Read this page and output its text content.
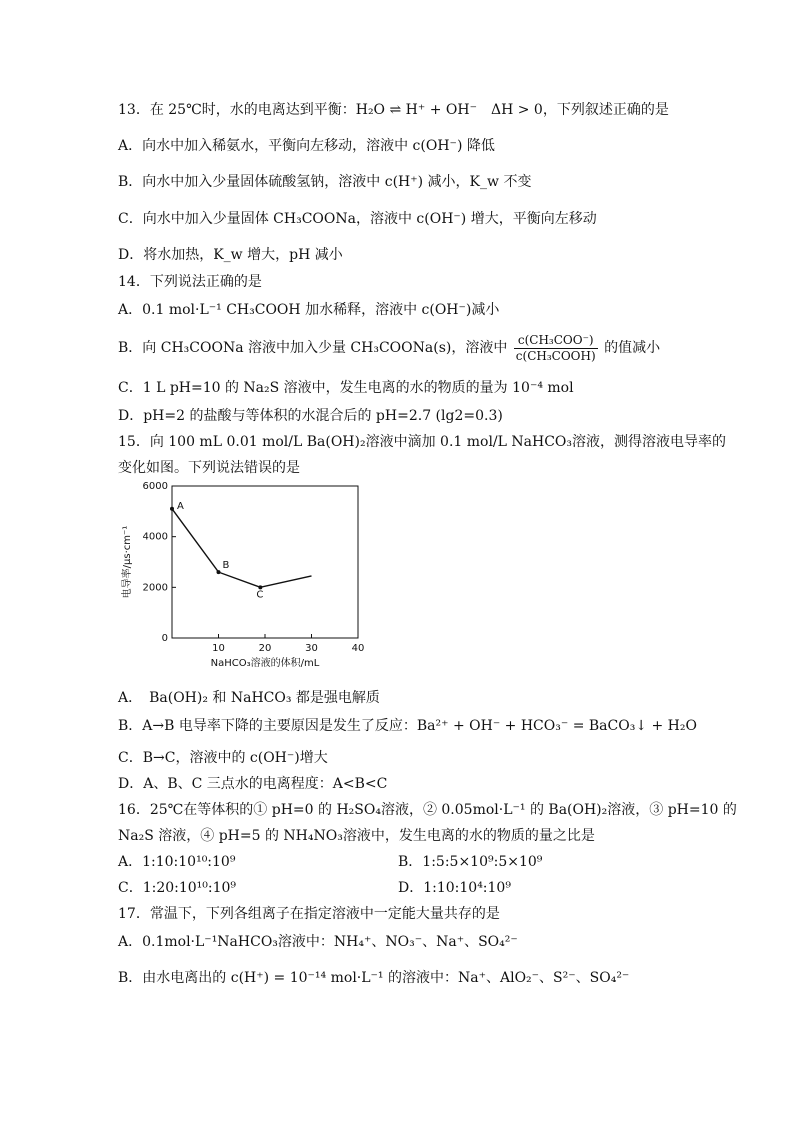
13．在 25℃时，水的电离达到平衡：H₂O ⇌ H⁺ + OH⁻　ΔH > 0，下列叙述正确的是
A．向水中加入稀氨水，平衡向左移动，溶液中 c(OH⁻) 降低
B．向水中加入少量固体硫酸氢钠，溶液中 c(H⁺) 减小，K_w 不变
C．向水中加入少量固体 CH₃COONa，溶液中 c(OH⁻) 增大，平衡向左移动
D．将水加热，K_w 增大，pH 减小
14．下列说法正确的是
A．0.1 mol·L⁻¹ CH₃COOH 加水稀释，溶液中 c(OH⁻)减小
B．向 CH₃COONa 溶液中加入少量 CH₃COONa(s)，溶液中 $\frac{\text{c(CH₃COO⁻)}}{\text{c(CH₃COOH)}}$ 的值减小
C．1 L pH=10 的 Na₂S 溶液中，发生电离的水的物质的量为 10⁻⁴ mol
D．pH=2 的盐酸与等体积的水混合后的 pH=2.7 (lg2=0.3)
15．向 100 mL 0.01 mol/L Ba(OH)₂溶液中滴加 0.1 mol/L NaHCO₃溶液，测得溶液电导率的
变化如图。下列说法错误的是
0
2000
4000
6000
10	20	30	40
A
B
C
NaHCO₃溶液的体积/mL
电导率/μs·cm⁻¹
A．　Ba(OH)₂ 和 NaHCO₃ 都是强电解质
B．A→B 电导率下降的主要原因是发生了反应：Ba²⁺ + OH⁻ + HCO₃⁻ = BaCO₃↓ + H₂O
C．B→C，溶液中的 c(OH⁻)增大
D．A、B、C 三点水的电离程度：A<B<C
16．25℃在等体积的① pH=0 的 H₂SO₄溶液，② 0.05mol·L⁻¹ 的 Ba(OH)₂溶液，③ pH=10 的
Na₂S 溶液，④ pH=5 的 NH₄NO₃溶液中，发生电离的水的物质的量之比是
A．1:10:10¹⁰:10⁹	B．1:5:5×10⁹:5×10⁹
C．1:20:10¹⁰:10⁹	D．1:10:10⁴:10⁹
17．常温下，下列各组离子在指定溶液中一定能大量共存的是
A．0.1mol·L⁻¹NaHCO₃溶液中：NH₄⁺、NO₃⁻、Na⁺、SO₄²⁻
B．由水电离出的 c(H⁺) = 10⁻¹⁴ mol·L⁻¹ 的溶液中：Na⁺、AlO₂⁻、S²⁻、SO₄²⁻
